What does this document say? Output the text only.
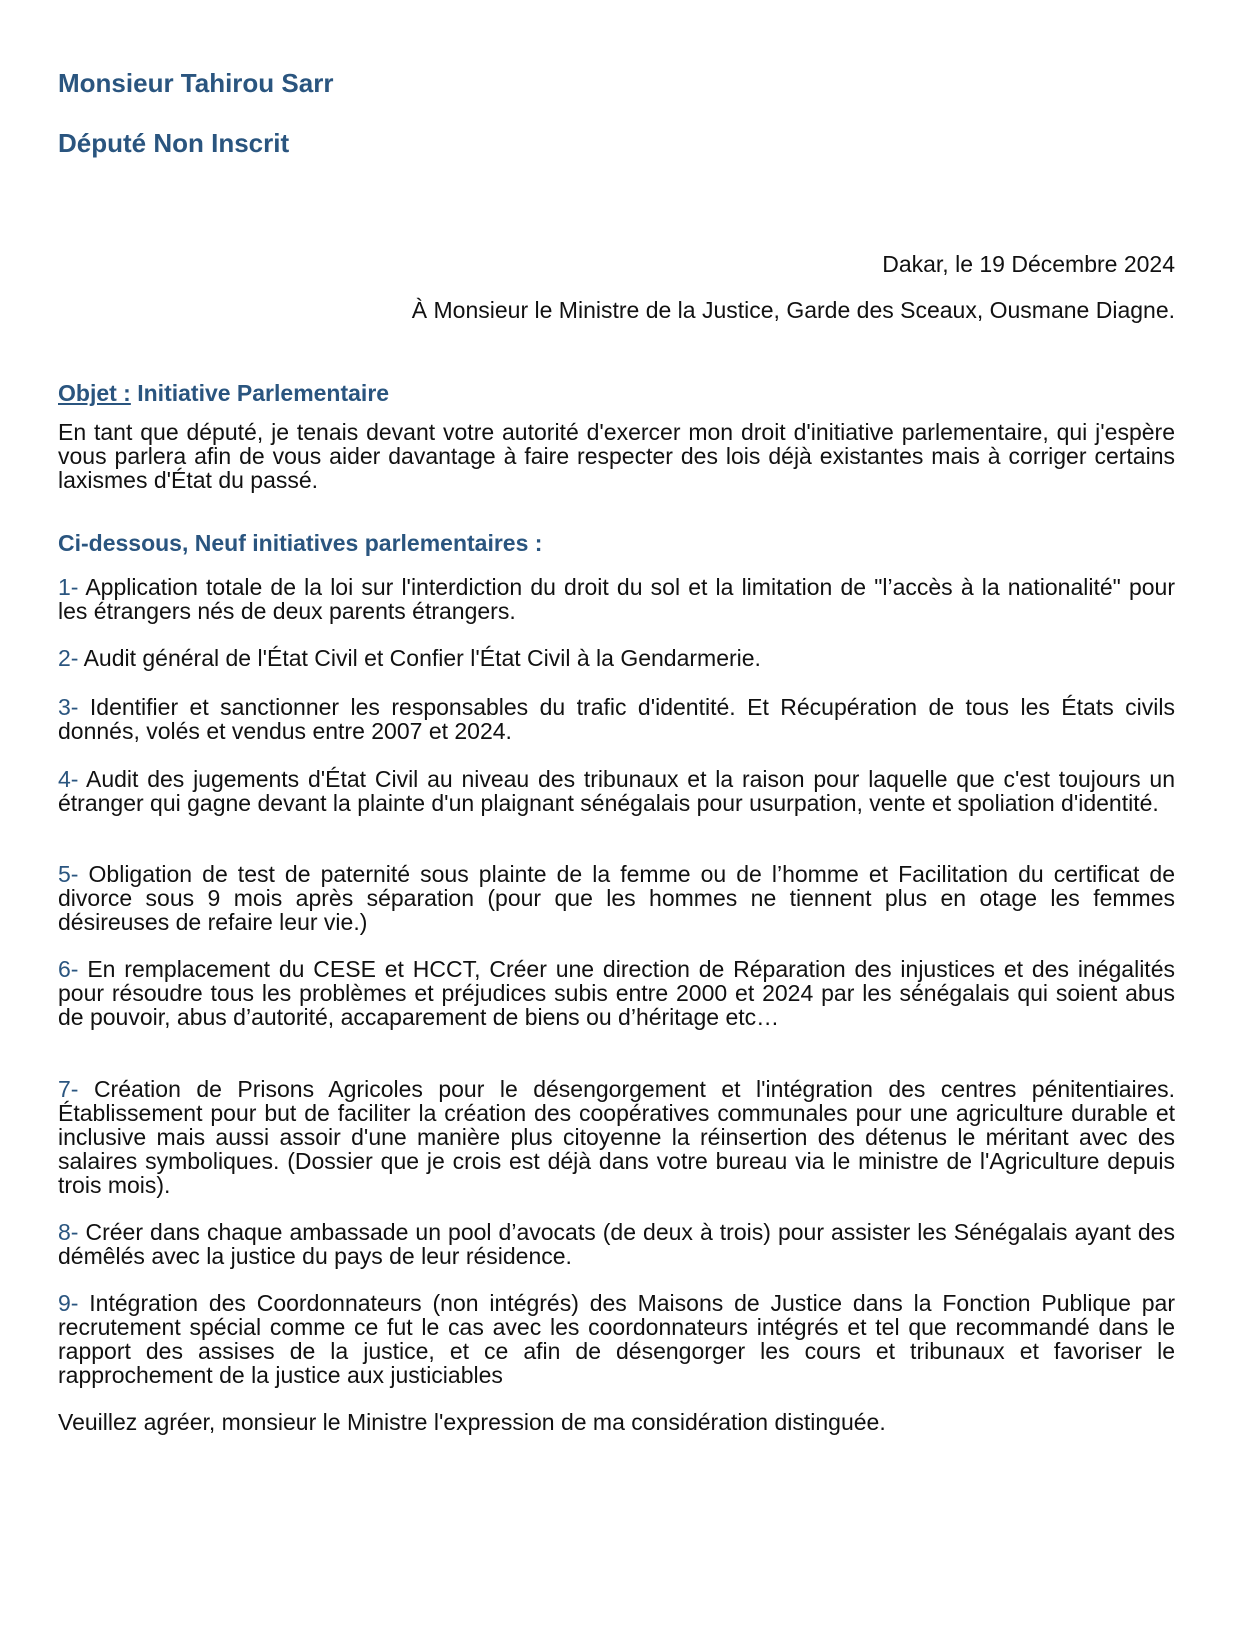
Monsieur Tahirou Sarr
Député Non Inscrit
Dakar, le 19 Décembre 2024
À Monsieur le Ministre de la Justice, Garde des Sceaux, Ousmane Diagne.
Objet : Initiative Parlementaire
En tant que député, je tenais devant votre autorité d'exercer mon droit d'initiative parlementaire, qui j'espère vous parlera afin de vous aider davantage à faire respecter des lois déjà existantes mais à corriger certains laxismes d'État du passé.
Ci-dessous, Neuf initiatives parlementaires :
1- Application totale de la loi sur l'interdiction du droit du sol et la limitation de "l’accès à la nationalité" pour les étrangers nés de deux parents étrangers.
2- Audit général de l'État Civil et Confier l'État Civil à la Gendarmerie.
3- Identifier et sanctionner les responsables du trafic d'identité. Et Récupération de tous les États civils donnés, volés et vendus entre 2007 et 2024.
4- Audit des jugements d'État Civil au niveau des tribunaux et la raison pour laquelle que c'est toujours un étranger qui gagne devant la plainte d'un plaignant sénégalais pour usurpation, vente et spoliation d'identité.
5- Obligation de test de paternité sous plainte de la femme ou de l’homme et Facilitation du certificat de divorce sous 9 mois après séparation (pour que les hommes ne tiennent plus en otage les femmes désireuses de refaire leur vie.)
6- En remplacement du CESE et HCCT, Créer une direction de Réparation des injustices et des inégalités pour résoudre tous les problèmes et préjudices subis entre 2000 et 2024 par les sénégalais qui soient abus de pouvoir, abus d’autorité, accaparement de biens ou d’héritage etc…
7- Création de Prisons Agricoles pour le désengorgement et l'intégration des centres pénitentiaires. Établissement pour but de faciliter la création des coopératives communales pour une agriculture durable et inclusive mais aussi assoir d'une manière plus citoyenne la réinsertion des détenus le méritant avec des salaires symboliques. (Dossier que je crois est déjà dans votre bureau via le ministre de l'Agriculture depuis trois mois).
8- Créer dans chaque ambassade un pool d’avocats (de deux à trois) pour assister les Sénégalais ayant des démêlés avec la justice du pays de leur résidence.
9- Intégration des Coordonnateurs (non intégrés) des Maisons de Justice dans la Fonction Publique par recrutement spécial comme ce fut le cas avec les coordonnateurs intégrés et tel que recommandé dans le rapport des assises de la justice, et ce afin de désengorger les cours et tribunaux et favoriser le rapprochement de la justice aux justiciables
Veuillez agréer, monsieur le Ministre l'expression de ma considération distinguée.
